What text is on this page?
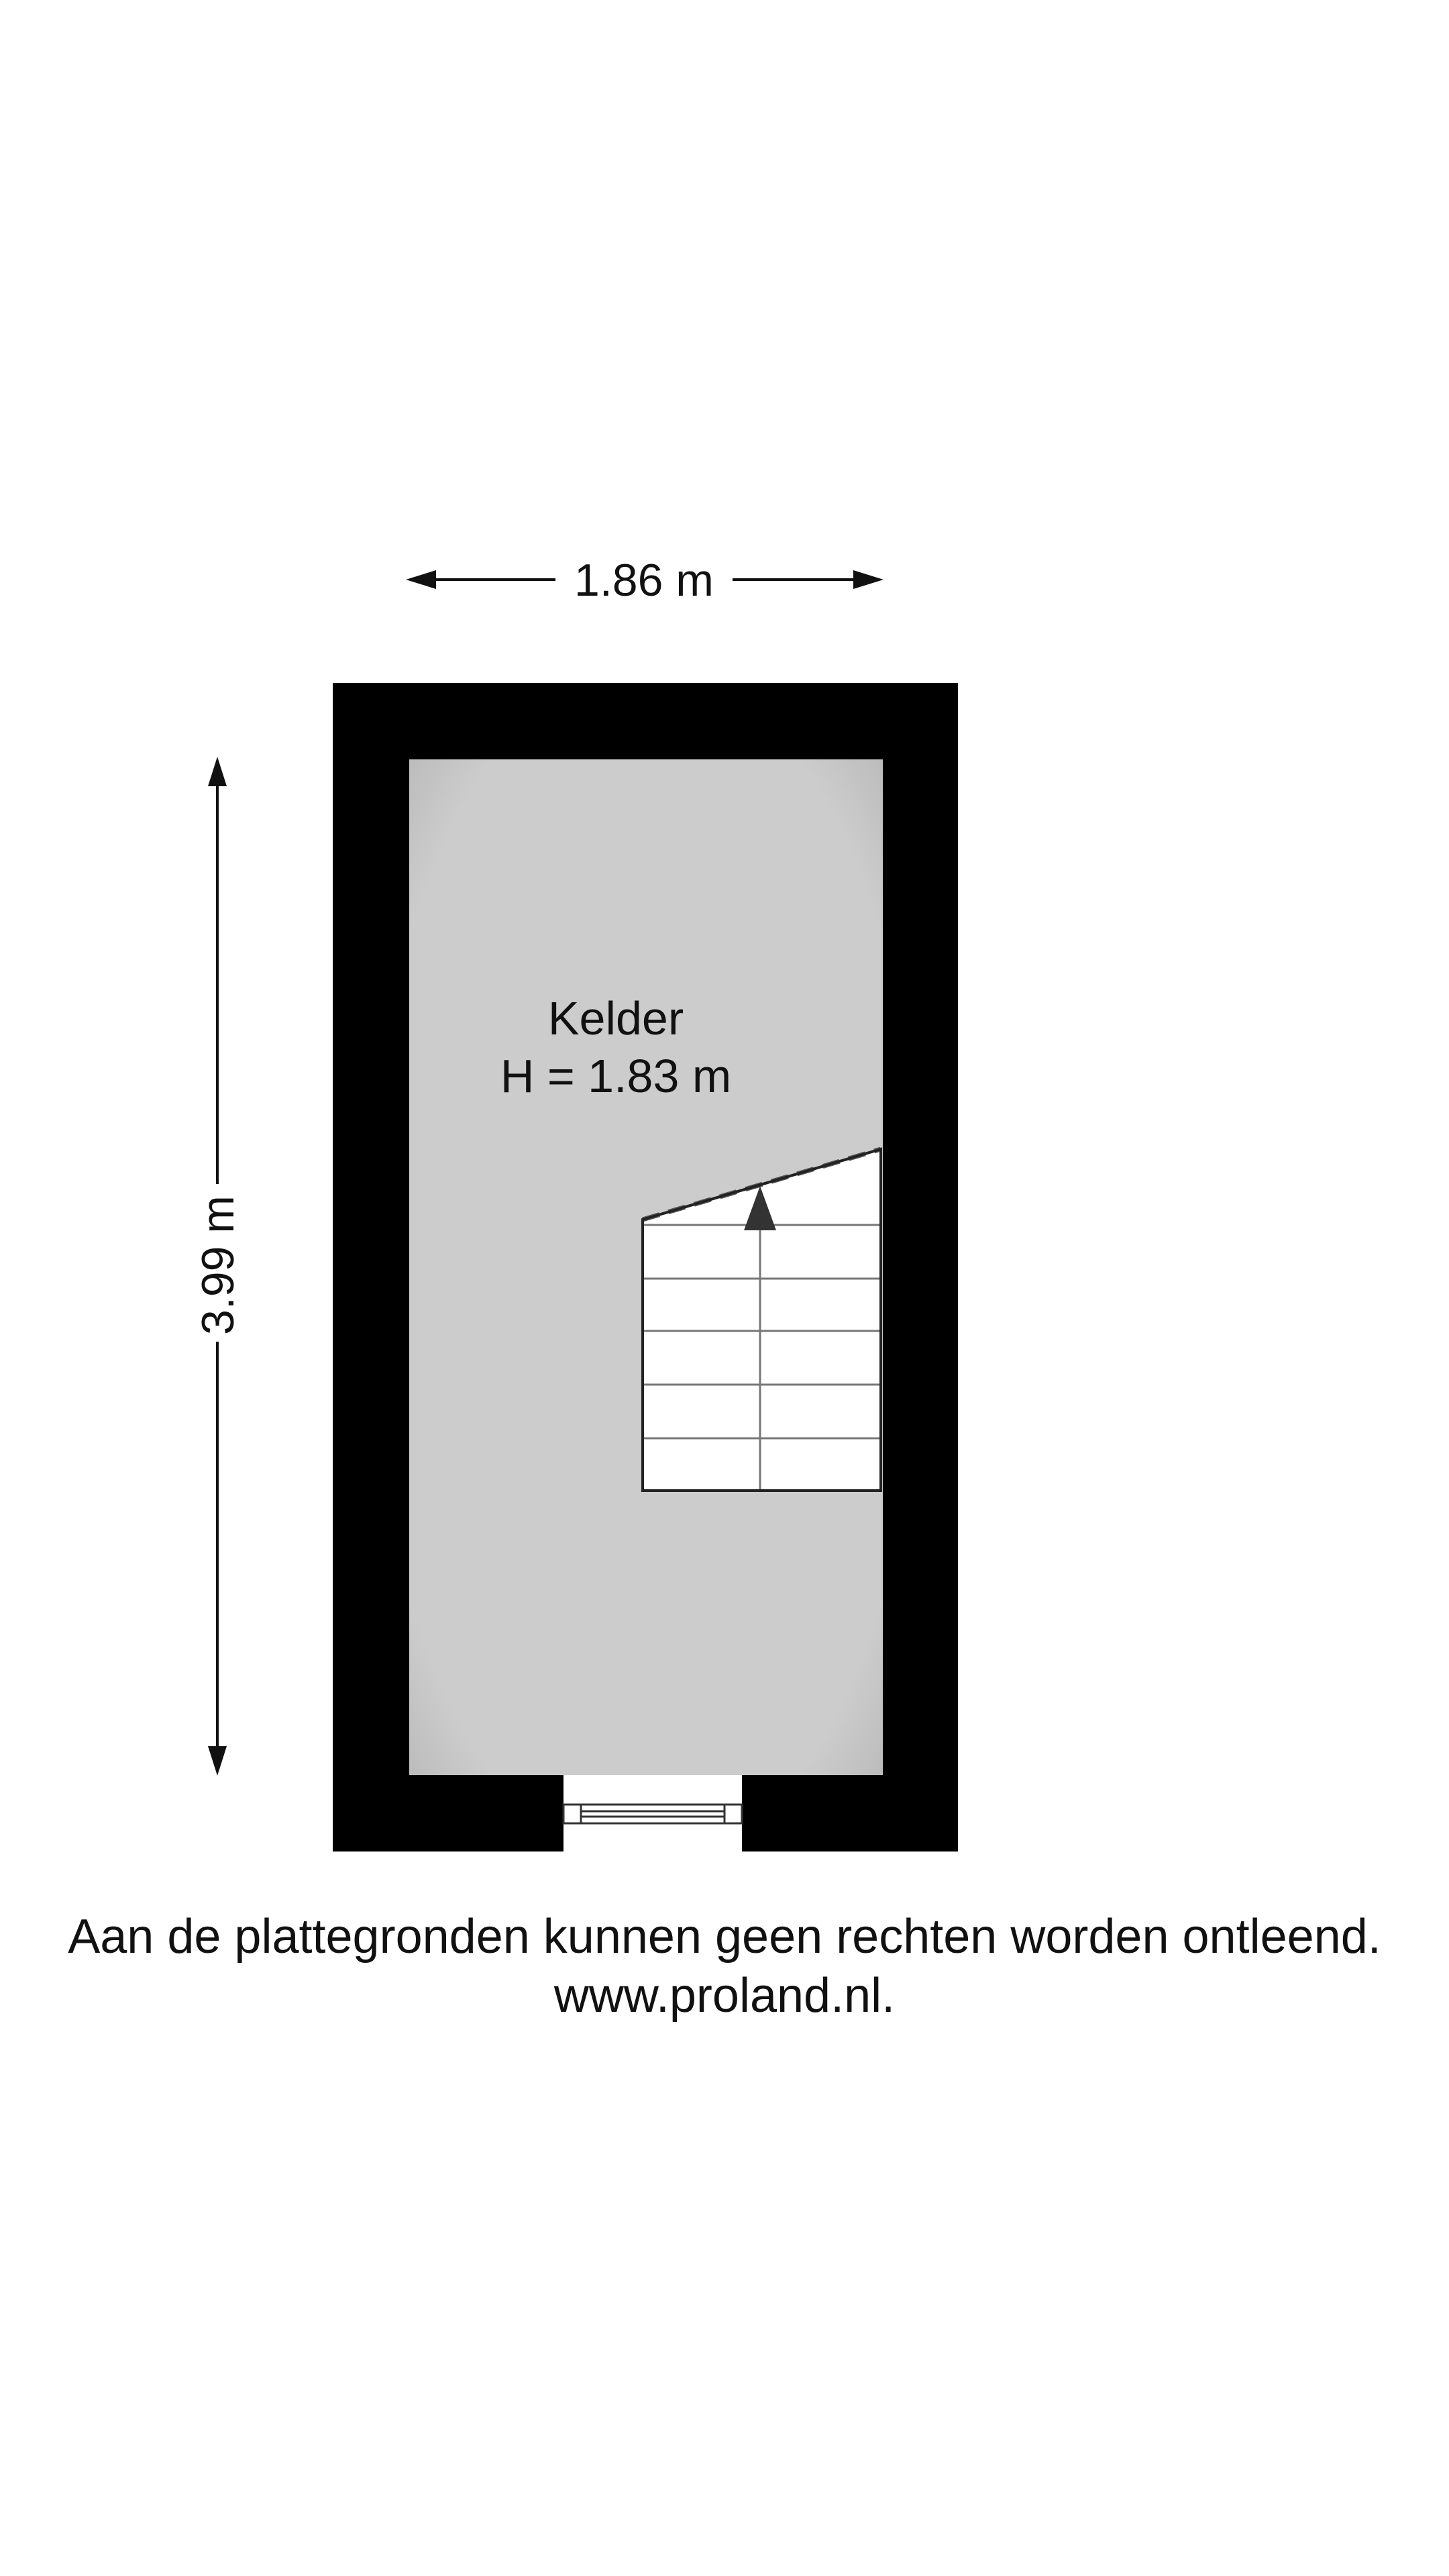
1.86 m
3.99 m
Kelder
H = 1.83 m
Aan de plattegronden kunnen geen rechten worden ontleend.
www.proland.nl.
